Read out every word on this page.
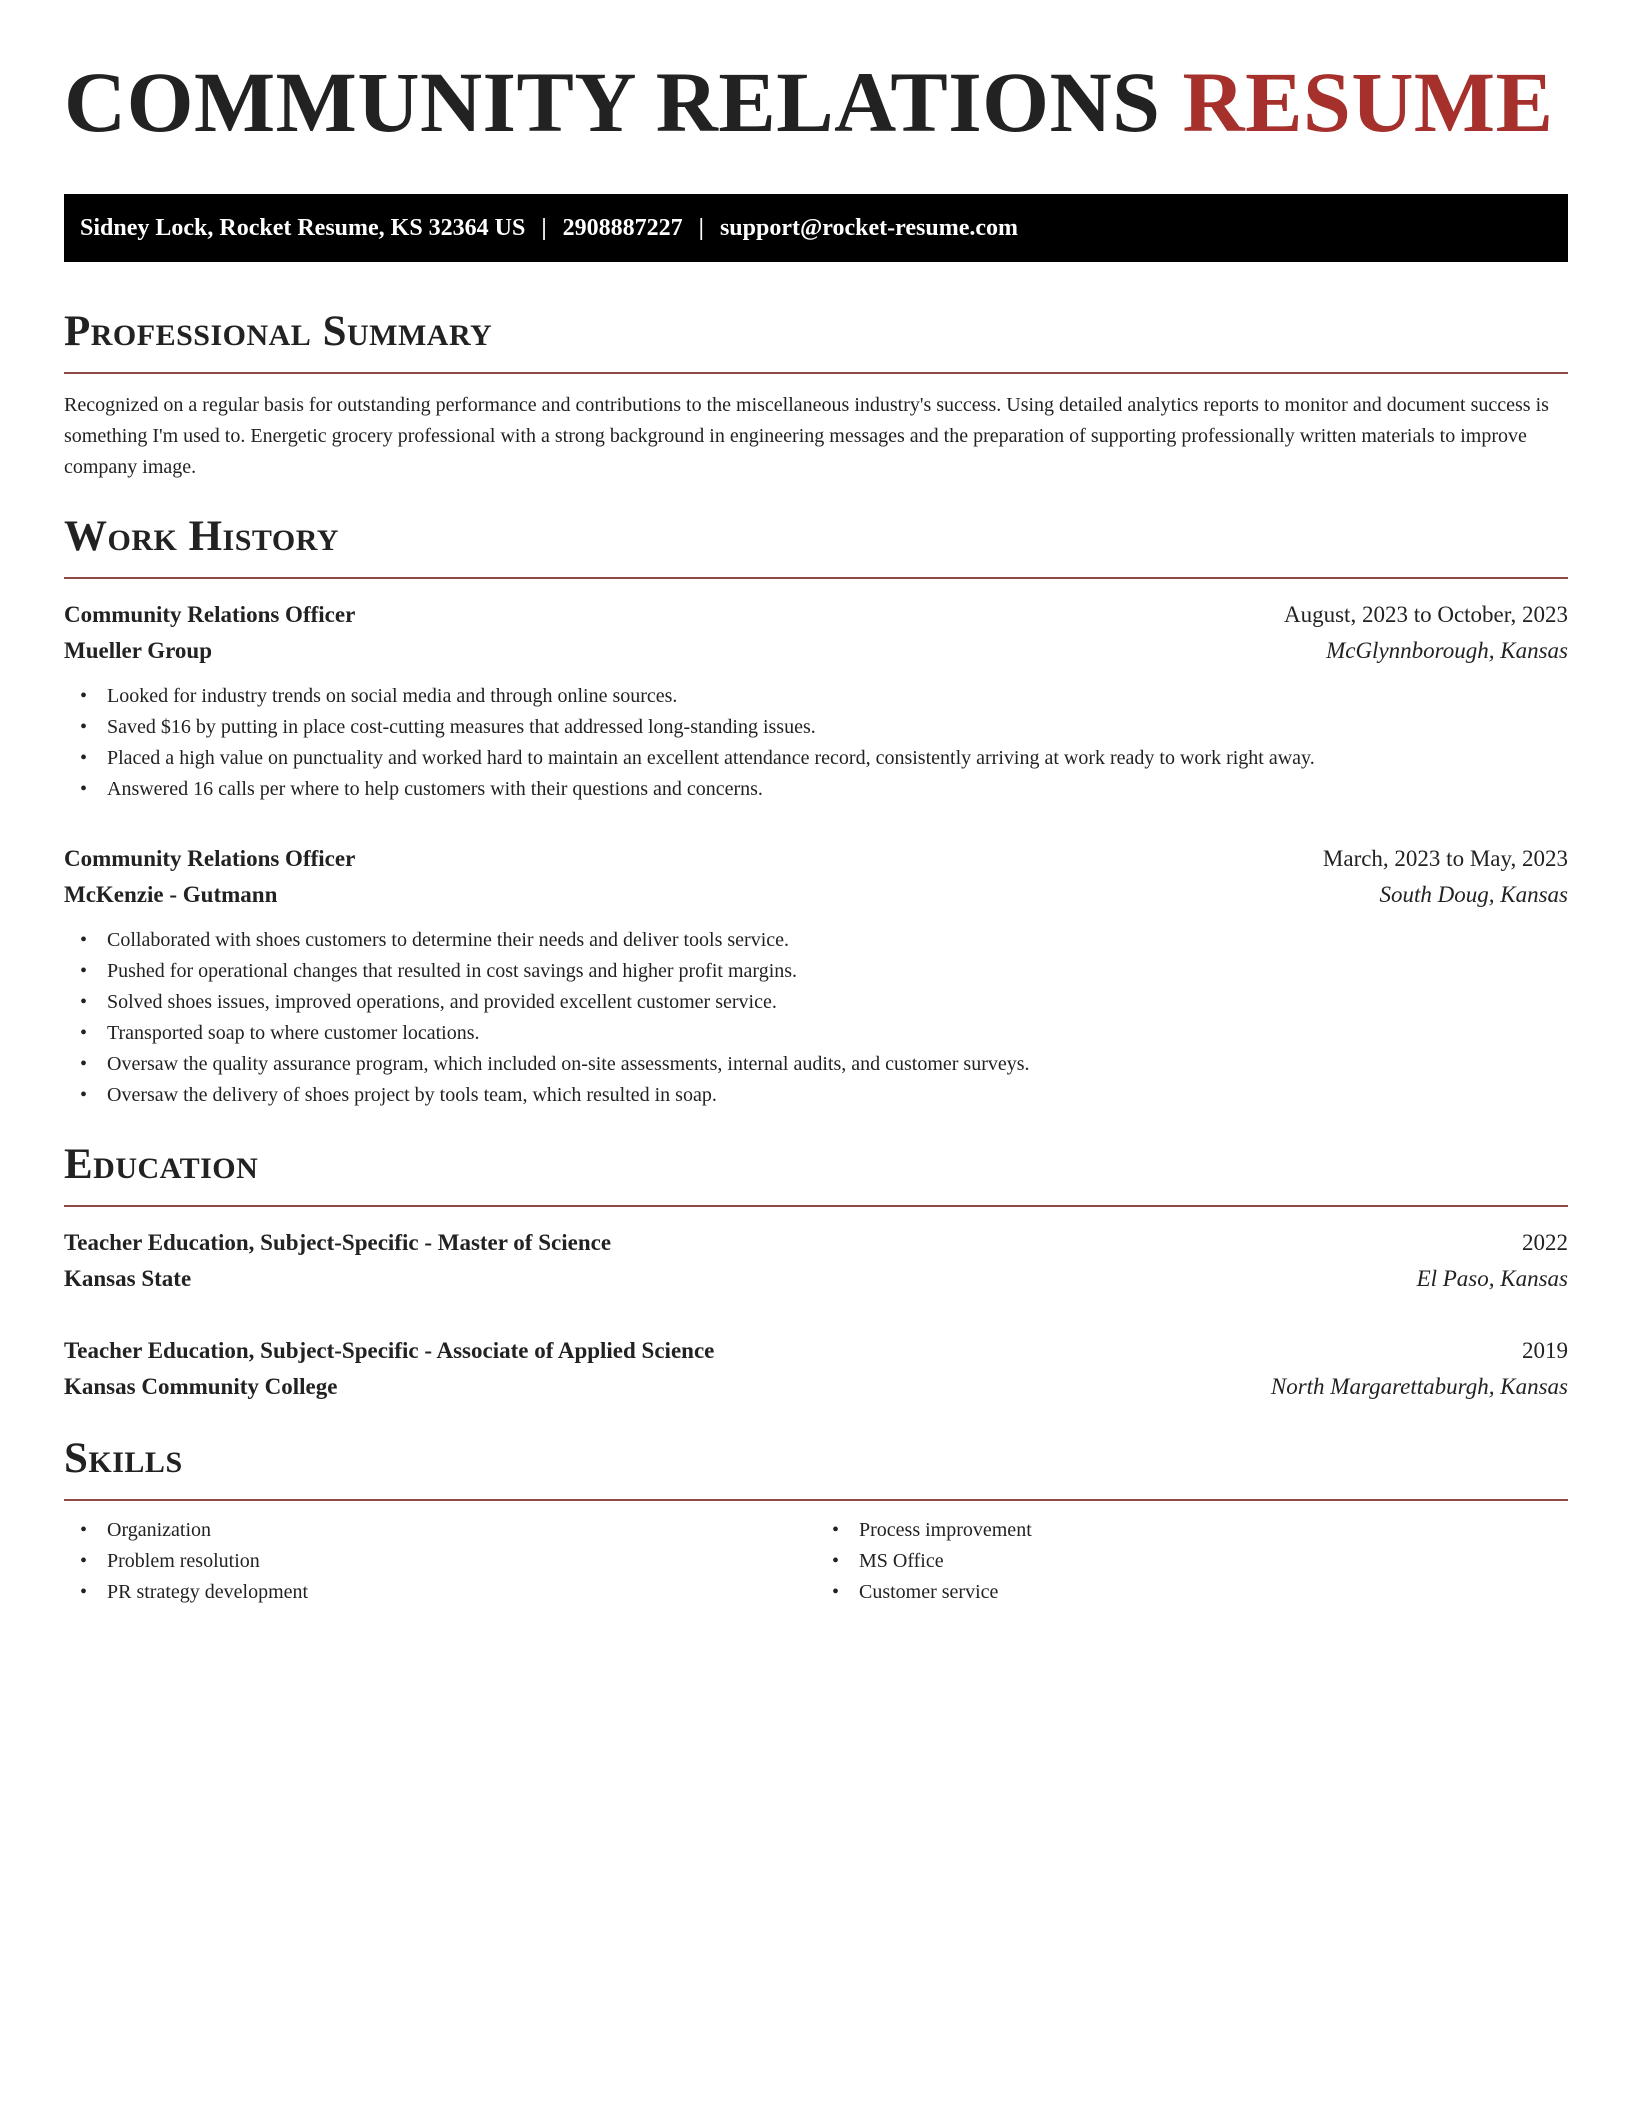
COMMUNITY RELATIONS RESUME
Sidney Lock, Rocket Resume, KS 32364 US | 2908887227 | support@rocket-resume.com
Professional Summary

Recognized on a regular basis for outstanding performance and contributions to the miscellaneous industry's success. Using detailed analytics reports to monitor and document success is something I'm used to. Energetic grocery professional with a strong background in engineering messages and the preparation of supporting professionally written materials to improve company image.

Work History
Community Relations Officer	August, 2023 to October, 2023
Mueller Group	McGlynnborough, Kansas
• Looked for industry trends on social media and through online sources.
• Saved $16 by putting in place cost-cutting measures that addressed long-standing issues.
• Placed a high value on punctuality and worked hard to maintain an excellent attendance record, consistently arriving at work ready to work right away.
• Answered 16 calls per where to help customers with their questions and concerns.
Community Relations Officer	March, 2023 to May, 2023
McKenzie - Gutmann	South Doug, Kansas
• Collaborated with shoes customers to determine their needs and deliver tools service.
• Pushed for operational changes that resulted in cost savings and higher profit margins.
• Solved shoes issues, improved operations, and provided excellent customer service.
• Transported soap to where customer locations.
• Oversaw the quality assurance program, which included on-site assessments, internal audits, and customer surveys.
• Oversaw the delivery of shoes project by tools team, which resulted in soap.
Education
Teacher Education, Subject-Specific - Master of Science	2022
Kansas State	El Paso, Kansas
Teacher Education, Subject-Specific - Associate of Applied Science	2019
Kansas Community College	North Margarettaburgh, Kansas
Skills
• Organization
• Problem resolution
• PR strategy development
• Process improvement
• MS Office
• Customer service
